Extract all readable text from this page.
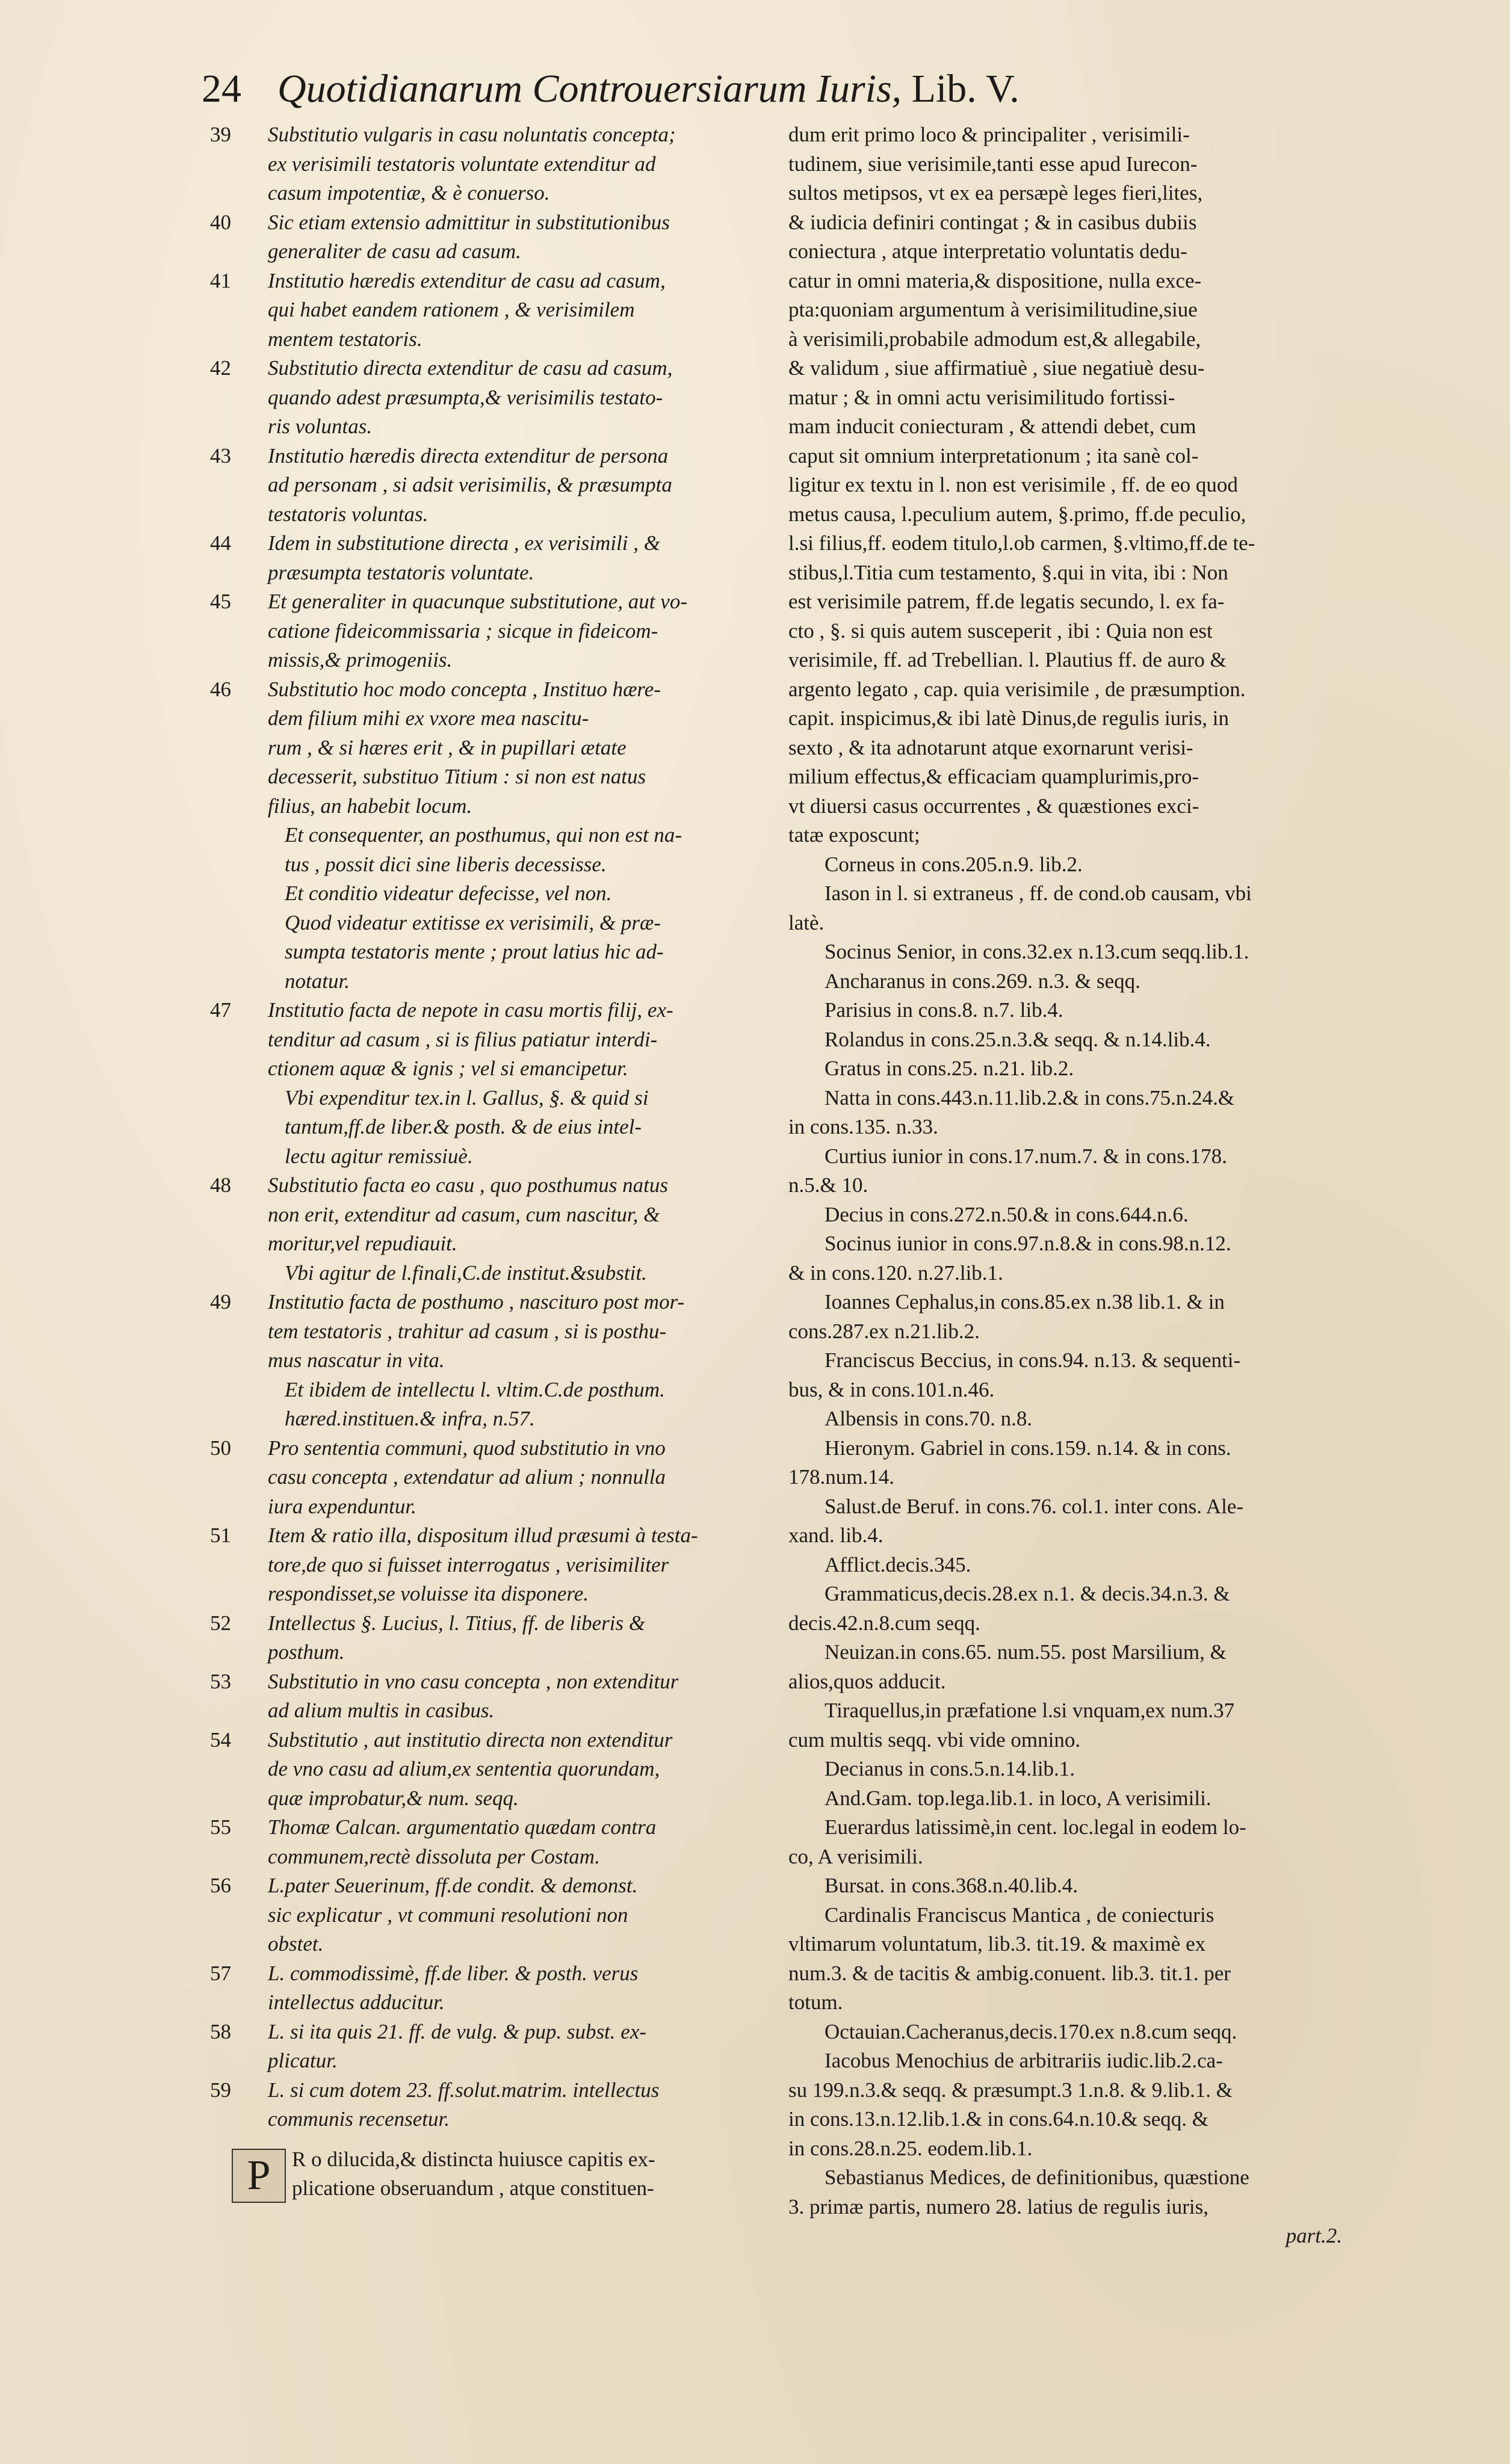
24 Quotidianarum Controuersiarum Iuris, Lib. V.
39	Substitutio vulgaris in casu noluntatis concepta;
ex verisimili testatoris voluntate extenditur ad
casum impotentiæ, & è conuerso.
40	Sic etiam extensio admittitur in substitutionibus
generaliter de casu ad casum.
41	Institutio hæredis extenditur de casu ad casum,
qui habet eandem rationem , & verisimilem
mentem testatoris.
42	Substitutio directa extenditur de casu ad casum,
quando adest præsumpta,& verisimilis testato-
ris voluntas.
43	Institutio hæredis directa extenditur de persona
ad personam , si adsit verisimilis, & præsumpta
testatoris voluntas.
44	Idem in substitutione directa , ex verisimili , &
præsumpta testatoris voluntate.
45	Et generaliter in quacunque substitutione, aut vo-
catione fideicommissaria ; sicque in fideicom-
missis,& primogeniis.
46	Substitutio hoc modo concepta , Instituo hære-
dem filium mihi ex vxore mea nascitu-
rum , & si hæres erit , & in pupillari ætate
decesserit, substituo Titium : si non est natus
filius, an habebit locum.
Et consequenter, an posthumus, qui non est na-
tus , possit dici sine liberis decessisse.
Et conditio videatur defecisse, vel non.
Quod videatur extitisse ex verisimili, & præ-
sumpta testatoris mente ; prout latius hic ad-
notatur.
47	Institutio facta de nepote in casu mortis filij, ex-
tenditur ad casum , si is filius patiatur interdi-
ctionem aquæ & ignis ; vel si emancipetur.
Vbi expenditur tex.in l. Gallus, §. & quid si
tantum,ff.de liber.& posth. & de eius intel-
lectu agitur remissiuè.
48	Substitutio facta eo casu , quo posthumus natus
non erit, extenditur ad casum, cum nascitur, &
moritur,vel repudiauit.
Vbi agitur de l.finali,C.de institut.&substit.
49	Institutio facta de posthumo , nascituro post mor-
tem testatoris , trahitur ad casum , si is posthu-
mus nascatur in vita.
Et ibidem de intellectu l. vltim.C.de posthum.
hæred.instituen.& infra, n.57.
50	Pro sententia communi, quod substitutio in vno
casu concepta , extendatur ad alium ; nonnulla
iura expenduntur.
51	Item & ratio illa, dispositum illud præsumi à testa-
tore,de quo si fuisset interrogatus , verisimiliter
respondisset,se voluisse ita disponere.
52	Intellectus §. Lucius, l. Titius, ff. de liberis &
posthum.
53	Substitutio in vno casu concepta , non extenditur
ad alium multis in casibus.
54	Substitutio , aut institutio directa non extenditur
de vno casu ad alium,ex sententia quorundam,
quæ improbatur,& num. seqq.
55	Thomæ Calcan. argumentatio quædam contra
communem,rectè dissoluta per Costam.
56	L.pater Seuerinum, ff.de condit. & demonst.
sic explicatur , vt communi resolutioni non
obstet.
57	L. commodissimè, ff.de liber. & posth. verus
intellectus adducitur.
58	L. si ita quis 21. ff. de vulg. & pup. subst. ex-
plicatur.
59	L. si cum dotem 23. ff.solut.matrim. intellectus
communis recensetur.
P	R o dilucida,& distincta huiusce capitis ex-
plicatione obseruandum , atque constituen-
dum erit primo loco & principaliter , verisimili-
tudinem, siue verisimile,tanti esse apud Iurecon-
sultos metipsos, vt ex ea persæpè leges fieri,lites,
& iudicia definiri contingat ; & in casibus dubiis
coniectura , atque interpretatio voluntatis dedu-
catur in omni materia,& dispositione, nulla exce-
pta:quoniam argumentum à verisimilitudine,siue
à verisimili,probabile admodum est,& allegabile,
& validum , siue affirmatiuè , siue negatiuè desu-
matur ; & in omni actu verisimilitudo fortissi-
mam inducit coniecturam , & attendi debet, cum
caput sit omnium interpretationum ; ita sanè col-
ligitur ex textu in l. non est verisimile , ff. de eo quod
metus causa, l.peculium autem, §.primo, ff.de peculio,
l.si filius,ff. eodem titulo,l.ob carmen, §.vltimo,ff.de te-
stibus,l.Titia cum testamento, §.qui in vita, ibi : Non
est verisimile patrem, ff.de legatis secundo, l. ex fa-
cto , §. si quis autem susceperit , ibi : Quia non est
verisimile, ff. ad Trebellian. l. Plautius ff. de auro &
argento legato , cap. quia verisimile , de præsumption.
capit. inspicimus,& ibi latè Dinus,de regulis iuris, in
sexto , & ita adnotarunt atque exornarunt verisi-
milium effectus,& efficaciam quamplurimis,pro-
vt diuersi casus occurrentes , & quæstiones exci-
tatæ exposcunt;
Corneus in cons.205.n.9. lib.2.
Iason in l. si extraneus , ff. de cond.ob causam, vbi
latè.
Socinus Senior, in cons.32.ex n.13.cum seqq.lib.1.
Ancharanus in cons.269. n.3. & seqq.
Parisius in cons.8. n.7. lib.4.
Rolandus in cons.25.n.3.& seqq. & n.14.lib.4.
Gratus in cons.25. n.21. lib.2.
Natta in cons.443.n.11.lib.2.& in cons.75.n.24.&
in cons.135. n.33.
Curtius iunior in cons.17.num.7. & in cons.178.
n.5.& 10.
Decius in cons.272.n.50.& in cons.644.n.6.
Socinus iunior in cons.97.n.8.& in cons.98.n.12.
& in cons.120. n.27.lib.1.
Ioannes Cephalus,in cons.85.ex n.38 lib.1. & in
cons.287.ex n.21.lib.2.
Franciscus Beccius, in cons.94. n.13. & sequenti-
bus, & in cons.101.n.46.
Albensis in cons.70. n.8.
Hieronym. Gabriel in cons.159. n.14. & in cons.
178.num.14.
Salust.de Beruf. in cons.76. col.1. inter cons. Ale-
xand. lib.4.
Afflict.decis.345.
Grammaticus,decis.28.ex n.1. & decis.34.n.3. &
decis.42.n.8.cum seqq.
Neuizan.in cons.65. num.55. post Marsilium, &
alios,quos adducit.
Tiraquellus,in præfatione l.si vnquam,ex num.37
cum multis seqq. vbi vide omnino.
Decianus in cons.5.n.14.lib.1.
And.Gam. top.lega.lib.1. in loco, A verisimili.
Euerardus latissimè,in cent. loc.legal in eodem lo-
co, A verisimili.
Bursat. in cons.368.n.40.lib.4.
Cardinalis Franciscus Mantica , de coniecturis
vltimarum voluntatum, lib.3. tit.19. & maximè ex
num.3. & de tacitis & ambig.conuent. lib.3. tit.1. per
totum.
Octauian.Cacheranus,decis.170.ex n.8.cum seqq.
Iacobus Menochius de arbitrariis iudic.lib.2.ca-
su 199.n.3.& seqq. & præsumpt.3 1.n.8. & 9.lib.1. &
in cons.13.n.12.lib.1.& in cons.64.n.10.& seqq. &
in cons.28.n.25. eodem.lib.1.
Sebastianus Medices, de definitionibus, quæstione
3. primæ partis, numero 28. latius de regulis iuris,
part.2.
